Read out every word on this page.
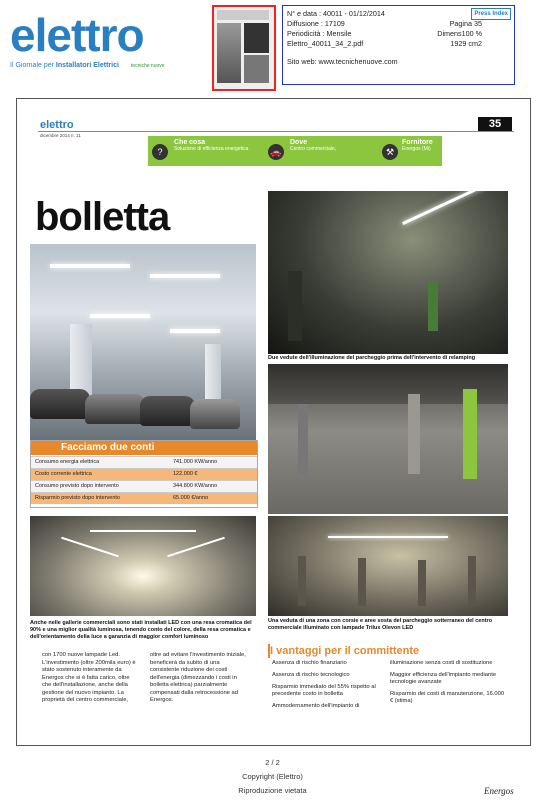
elettro
Il Giornale per Installatori Elettrici tecniche nuove
Press Index
N° e data : 40011 - 01/12/2014
Diffusione : 17109	Pagina 35
Periodicità : Mensile	Dimens100 %
Elettro_40011_34_2.pdf	1929 cm2
Sito web: www.tecnichenuove.com
elettro
dicembre 2014 n. 11
35
?
Che cosa
Soluzione di efficienza energetica	🚗
Dove
Centro commerciale,	⚒
Fornitore
Energos (Mi)
bolletta
Facciamo due conti
Consumo energia elettrica	741.000 KW/anno
Costo corrente elettrica	122.000 €
Consumo previsto dopo intervento	344.800 KW/anno
Risparmio previsto dopo intervento	65.000 €/anno
Anche nelle gallerie commerciali sono stati installati LED con una resa cromatica del 90% e una miglior qualità luminosa, tenendo conto del colore, della resa cromatica e dell'orientamento della luce a garanzia di maggior comfort luminoso
Due vedute dell'illuminazione del parcheggio prima dell'intervento di relamping
Una veduta di una zona con corsie e aree sosta del parcheggio sotterraneo del centro commerciale illuminato con lampade Trilux Olevon LED
con 1700 nuove lampade Led. L'investimento (oltre 200mila euro) è stato sostenuto interamente da Energos che si è fatta carico, oltre che dell'installazione, anche della gestione del nuovo impianto. La proprietà del centro commerciale,
oltre ad evitare l'investimento iniziale, beneficerà da subito di una consistente riduzione dei costi dell'energia (dimezzando i costi in bolletta elettrica) parzialmente compensati dalla retrocessione ad Energos.
I vantaggi per il committente
Assenza di rischio finanziario
Assenza di rischio tecnologico
Risparmio immediato del 55% rispetto al precedente costo in bolletta
Ammodernamento dell'impianto di
illuminazione senza costi di sostituzione
Maggior efficienza dell'impianto mediante tecnologie avanzate
Risparmio dei costi di manutenzione, 16.000 € (stima)
2 / 2
Copyright (Elettro)
Riproduzione vietata	Energos
